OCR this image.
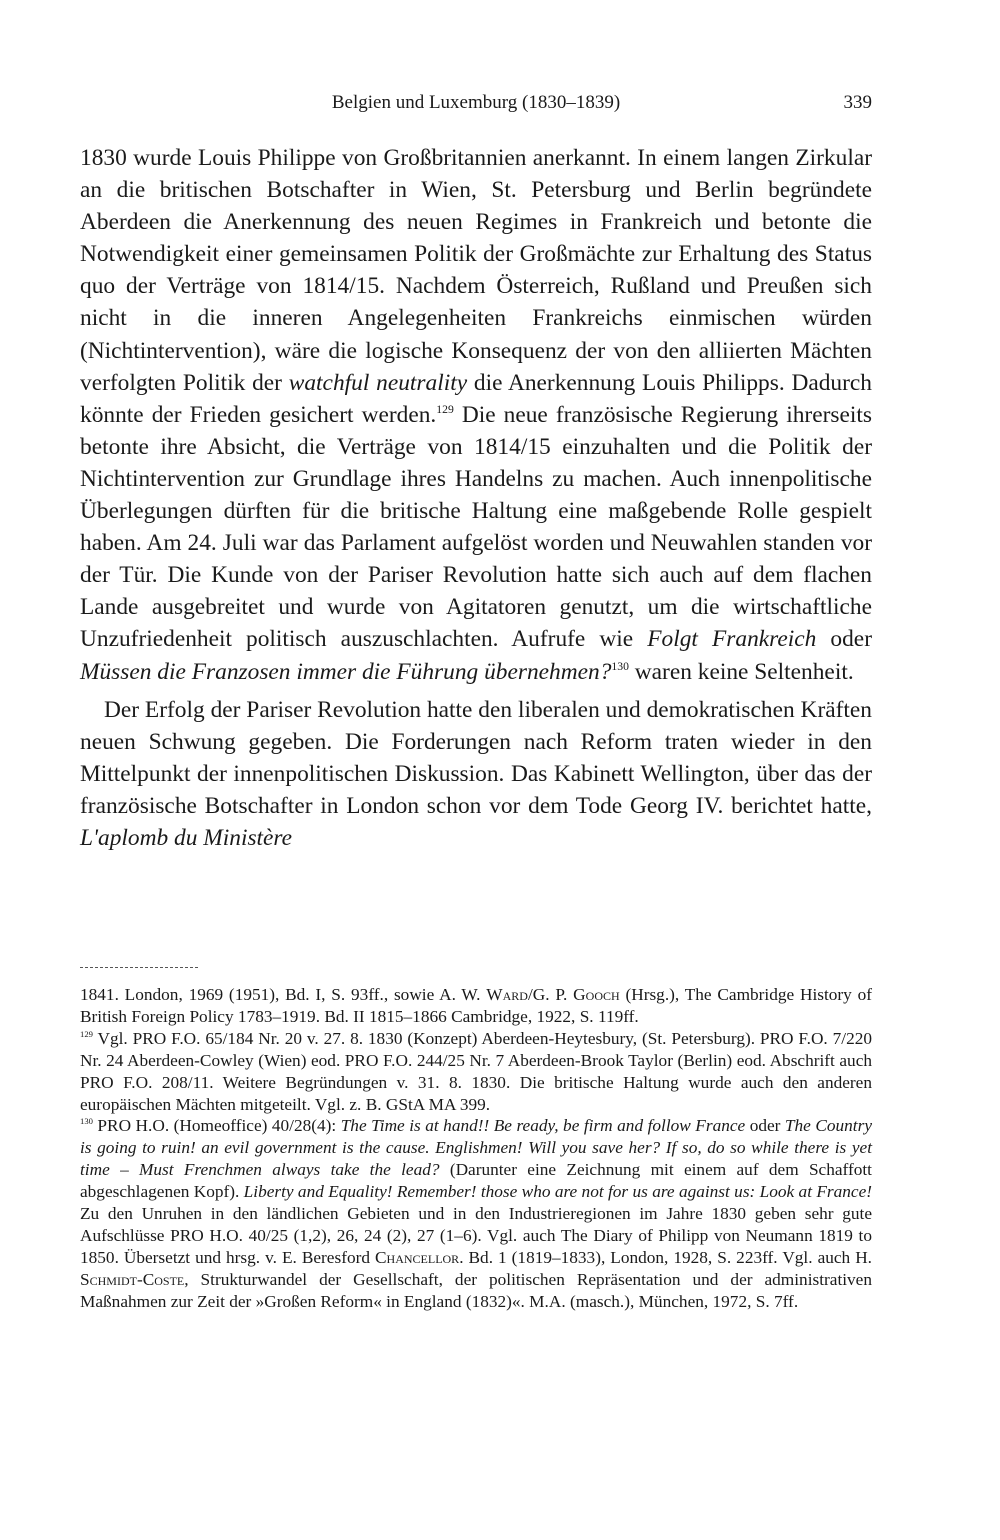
Belgien und Luxemburg (1830–1839)	339

1830 wurde Louis Philippe von Großbritannien anerkannt. In einem langen Zirkular an die britischen Botschafter in Wien, St. Petersburg und Berlin begründete Aberdeen die Anerkennung des neuen Regimes in Frankreich und betonte die Notwendigkeit einer gemeinsamen Politik der Großmächte zur Erhaltung des Status quo der Verträge von 1814/15. Nachdem Österreich, Rußland und Preußen sich nicht in die inneren Angelegenheiten Frankreichs einmischen würden (Nichtintervention), wäre die logische Konsequenz der von den alliierten Mächten verfolgten Politik der watchful neutrality die Anerkennung Louis Philipps. Dadurch könnte der Frieden gesichert werden.$^{129}$ Die neue französische Regierung ihrerseits betonte ihre Absicht, die Verträge von 1814/15 einzuhalten und die Politik der Nichtintervention zur Grundlage ihres Handelns zu machen. Auch innenpolitische Überlegungen dürften für die britische Haltung eine maßgebende Rolle gespielt haben. Am 24. Juli war das Parlament aufgelöst worden und Neuwahlen standen vor der Tür. Die Kunde von der Pariser Revolution hatte sich auch auf dem flachen Lande ausgebreitet und wurde von Agitatoren genutzt, um die wirtschaftliche Unzufriedenheit politisch auszuschlachten. Aufrufe wie Folgt Frankreich oder Müssen die Franzosen immer die Führung übernehmen?$^{130}$ waren keine Seltenheit.

Der Erfolg der Pariser Revolution hatte den liberalen und demokratischen Kräften neuen Schwung gegeben. Die Forderungen nach Reform traten wieder in den Mittelpunkt der innenpolitischen Diskussion. Das Kabinett Wellington, über das der französische Botschafter in London schon vor dem Tode Georg IV. berichtet hatte, L'aplomb du Ministère

1841. London, 1969 (1951), Bd. I, S. 93ff., sowie A. W. Ward/G. P. Gooch (Hrsg.), The Cambridge History of British Foreign Policy 1783–1919. Bd. II 1815–1866 Cambridge, 1922, S. 119ff.

$^{129}$ Vgl. PRO F.O. 65/184 Nr. 20 v. 27. 8. 1830 (Konzept) Aberdeen-Heytesbury, (St. Petersburg). PRO F.O. 7/220 Nr. 24 Aberdeen-Cowley (Wien) eod. PRO F.O. 244/25 Nr. 7 Aberdeen-Brook Taylor (Berlin) eod. Abschrift auch PRO F.O. 208/11. Weitere Begründungen v. 31. 8. 1830. Die britische Haltung wurde auch den anderen europäischen Mächten mitgeteilt. Vgl. z. B. GStA MA 399.

$^{130}$ PRO H.O. (Homeoffice) 40/28(4): The Time is at hand!! Be ready, be firm and follow France oder The Country is going to ruin! an evil government is the cause. Englishmen! Will you save her? If so, do so while there is yet time – Must Frenchmen always take the lead? (Darunter eine Zeichnung mit einem auf dem Schaffott abgeschlagenen Kopf). Liberty and Equality! Remember! those who are not for us are against us: Look at France! Zu den Unruhen in den ländlichen Gebieten und in den Industrieregionen im Jahre 1830 geben sehr gute Aufschlüsse PRO H.O. 40/25 (1,2), 26, 24 (2), 27 (1–6). Vgl. auch The Diary of Philipp von Neumann 1819 to 1850. Übersetzt und hrsg. v. E. Beresford Chancellor. Bd. 1 (1819–1833), London, 1928, S. 223ff. Vgl. auch H. Schmidt-Coste, Strukturwandel der Gesellschaft, der politischen Repräsentation und der administrativen Maßnahmen zur Zeit der »Großen Reform« in England (1832)«. M.A. (masch.), München, 1972, S. 7ff.
